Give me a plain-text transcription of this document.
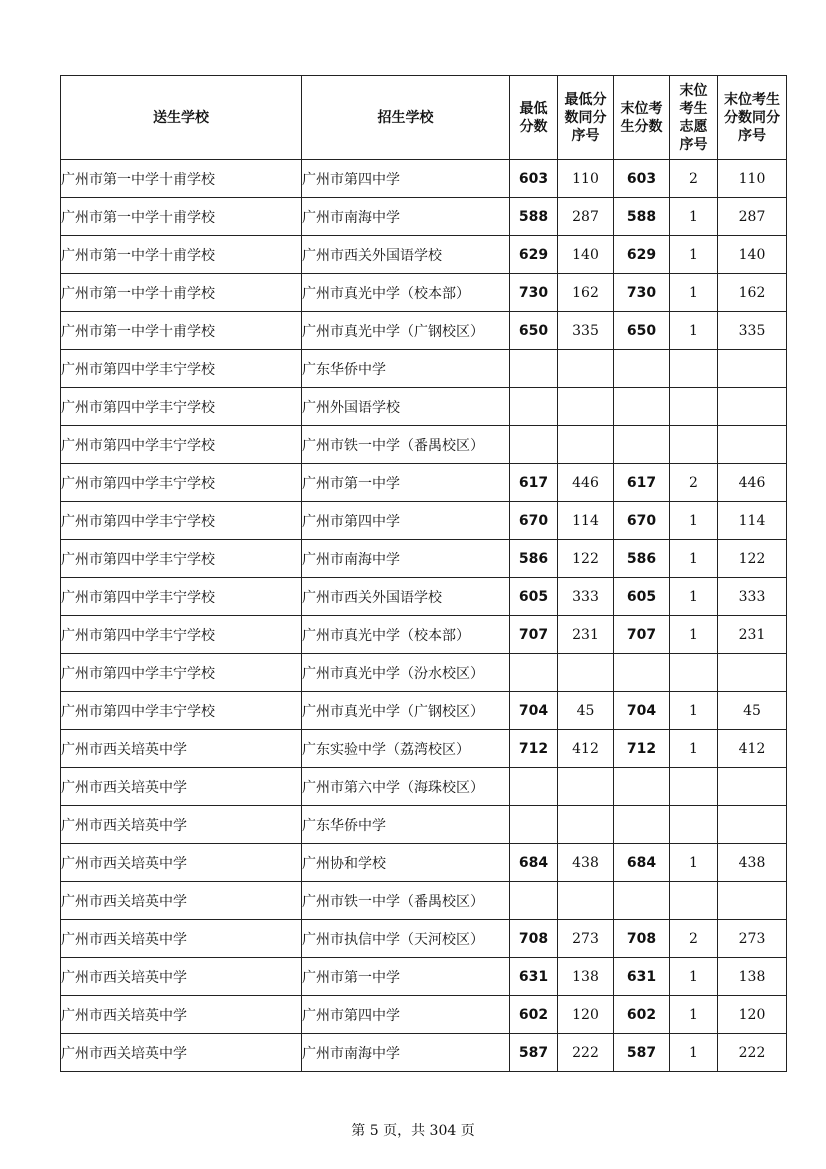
送生学校	招生学校	最低分数	最低分数同分序号	末位考生分数	末位考生志愿序号	末位考生分数同分序号
广州市第一中学十甫学校	广州市第四中学	603	110	603	2	110
广州市第一中学十甫学校	广州市南海中学	588	287	588	1	287
广州市第一中学十甫学校	广州市西关外国语学校	629	140	629	1	140
广州市第一中学十甫学校	广州市真光中学（校本部）	730	162	730	1	162
广州市第一中学十甫学校	广州市真光中学（广钢校区）	650	335	650	1	335
广州市第四中学丰宁学校	广东华侨中学					
广州市第四中学丰宁学校	广州外国语学校					
广州市第四中学丰宁学校	广州市铁一中学（番禺校区）					
广州市第四中学丰宁学校	广州市第一中学	617	446	617	2	446
广州市第四中学丰宁学校	广州市第四中学	670	114	670	1	114
广州市第四中学丰宁学校	广州市南海中学	586	122	586	1	122
广州市第四中学丰宁学校	广州市西关外国语学校	605	333	605	1	333
广州市第四中学丰宁学校	广州市真光中学（校本部）	707	231	707	1	231
广州市第四中学丰宁学校	广州市真光中学（汾水校区）					
广州市第四中学丰宁学校	广州市真光中学（广钢校区）	704	45	704	1	45
广州市西关培英中学	广东实验中学（荔湾校区）	712	412	712	1	412
广州市西关培英中学	广州市第六中学（海珠校区）					
广州市西关培英中学	广东华侨中学					
广州市西关培英中学	广州协和学校	684	438	684	1	438
广州市西关培英中学	广州市铁一中学（番禺校区）					
广州市西关培英中学	广州市执信中学（天河校区）	708	273	708	2	273
广州市西关培英中学	广州市第一中学	631	138	631	1	138
广州市西关培英中学	广州市第四中学	602	120	602	1	120
广州市西关培英中学	广州市南海中学	587	222	587	1	222
第 5 页，共 304 页
